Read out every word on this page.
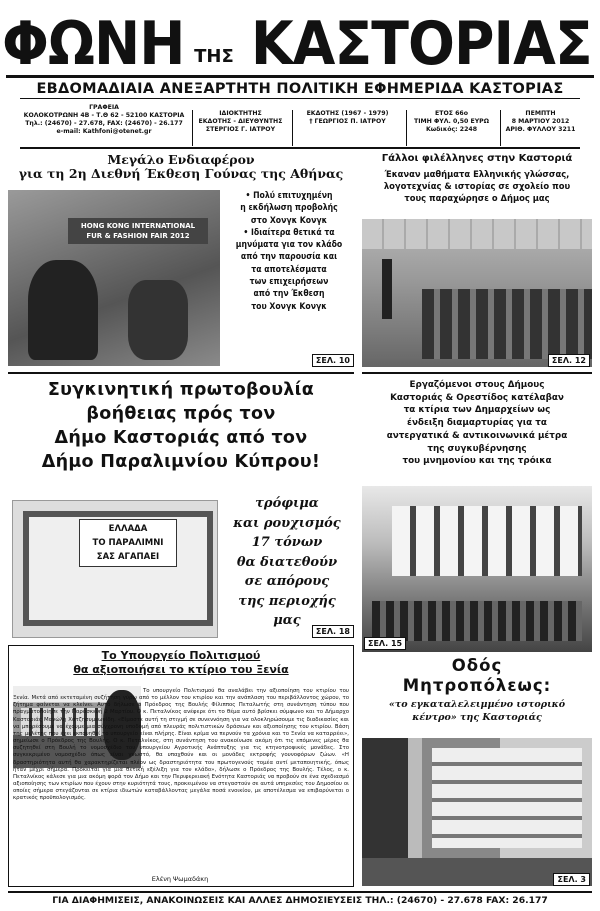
ΦΩΝΗ ΤΗΣ ΚΑΣΤΟΡΙΑΣ
ΕΒΔΟΜΑΔΙΑΙΑ ΑΝΕΞΑΡΤΗΤΗ ΠΟΛΙΤΙΚΗ ΕΦΗΜΕΡΙΔΑ ΚΑΣΤΟΡΙΑΣ
ΓΡΑΦΕΙΑ
ΚΟΛΟΚΟΤΡΩΝΗ 4Β - Τ.Θ 62 - 52100 ΚΑΣΤΟΡΙΑ
Τηλ.: (24670) - 27.678, FAX: (24670) - 26.177
e-mail: Kathfoni@otenet.gr
ΙΔΙΟΚΤΗΤΗΣ
ΕΚΔΟΤΗΣ - ΔΙΕΥΘΥΝΤΗΣ
ΣΤΕΡΓΙΟΣ Γ. ΙΑΤΡΟΥ
ΕΚΔΟΤΗΣ (1967 - 1979)
† ΓΕΩΡΓΙΟΣ Π. ΙΑΤΡΟΥ
ΕΤΟΣ 66ο
ΤΙΜΗ ΦΥΛ. 0,50 ΕΥΡΩ
Κωδικός: 2248
ΠΕΜΠΤΗ
8 ΜΑΡΤΙΟΥ 2012
ΑΡΙΘ. ΦΥΛΛΟΥ 3211
Μεγάλο Ενδιαφέρον
για τη 2η Διεθνή Έκθεση Γούνας της Αθήνας
HONG KONG INTERNATIONAL
FUR & FASHION FAIR 2012
• Πολύ επιτυχημένη
η εκδήλωση προβολής
στο Χονγκ Κονγκ
• Ιδιαίτερα θετικά τα
μηνύματα για τον κλάδο
από την παρουσία και
τα αποτελέσματα
των επιχειρήσεων
από την Έκθεση
του Χονγκ Κονγκ
ΣΕΛ. 10
Γάλλοι φιλέλληνες στην Καστοριά
Έκαναν μαθήματα Ελληνικής γλώσσας,
λογοτεχνίας & ιστορίας σε σχολείο που
τους παραχώρησε ο Δήμος μας
ΣΕΛ. 12
Συγκινητική πρωτοβουλία
βοήθειας πρός τον
Δήμο Καστοριάς από τον
Δήμο Παραλιμνίου Κύπρου!
ΕΛΛΑΔΑ
ΤΟ ΠΑΡΑΛΙΜΝΙ
ΣΑΣ ΑΓΑΠΑΕΙ
τρόφιμα
και ρουχισμός
17 τόνων
θα διατεθούν
σε απόρους
της περιοχής
μας
ΣΕΛ. 18
Εργαζόμενοι στους Δήμους
Καστοριάς & Ορεστίδος κατέλαβαν
τα κτίρια των Δημαρχείων ως
ένδειξη διαμαρτυρίας για τα
αντεργατικά & αντικοινωνικά μέτρα
της συγκυβέρνησης
του μνημονίου και της τρόικα
ΣΕΛ. 15
Το Υπουργείο Πολιτισμού
θα αξιοποιήσει το κτίριο του Ξενία
Το υπουργείο Πολιτισμού θα αναλάβει την αξιοποίηση του κτιρίου του Ξενία. Μετά από εκτεταμένη συζήτηση γύρω από το μέλλον του κτιρίου και την ανάπλαση του περιβάλλοντος χώρου, το ζήτημα φαίνεται να κλείνει. Αυτό δήλωσε ο Πρόεδρος της Βουλής Φίλιππος Πεταλωτής στη συνάντηση τύπου που πραγματοποίησε την Παρασκευή 2 Μαρτίου. Ο κ. Πεταλνίκος ανέφερε ότι το θέμα αυτό βρίσκει σύμφωνο και το Δήμαρχο Καστοριάς Μανώλη Χατζησυμεωνίδη. «Είμαστε αυτή τη στιγμή σε συνεννόηση για να ολοκληρώσουμε τις διαδικασίες και να μπορέσουμε να έχουμε μια σύγχρονη υποδομή από πλευράς πολιτιστικών δράσεων και αξιοποίησης του κτιρίου. Βάση της μελέτης που έχει εκπονηθεί το υπουργείο είναι πλήρης. Είναι κρίμα να περνούν τα χρόνια και το Ξενία να καταρρέει», σημείωσε ο Πρόεδρος της Βουλής. Ο κ. Πεταλνίκος, στη συνάντηση του ανακοίνωσε ακόμη ότι τις επόμενες μέρες θα συζητηθεί στη Βουλή το νομοσχέδιο του υπουργείου Αγροτικής Ανάπτυξης για τις κτηνοτροφικές μονάδες. Στο συγκεκριμένο νομοσχέδιο όπως είναι γνωστό, θα υπαχθούν και οι μονάδες εκτροφής γουνοφόρων ζώων. «Η δραστηριότητα αυτή θα χαρακτηρίζεται πλέον ως δραστηριότητα του πρωτογενούς τομέα αντί μεταποιητικής, όπως ήταν μέχρι σήμερα. Πρόκειται για μια θετική εξέλιξη για τον κλάδο», δήλωσε ο Πρόεδρος της Βουλής. Τέλος, ο κ. Πεταλνίκος κάλεσε για μια ακόμη φορά τον Δήμο και την Περιφερειακή Ενότητα Καστοριάς να προβούν σε ένα σχεδιασμό αξιοποίησης των κτιρίων που έχουν στην κυριότητά τους, προκειμένου να στεγαστούν σε αυτά υπηρεσίες του Δημοσίου οι οποίες σήμερα στεγάζονται σε κτίρια ιδιωτών καταβάλλοντας μεγάλα ποσά ενοικίου, με αποτέλεσμα να επιβαρύνεται ο κρατικός προϋπολογισμός.
Ελένη Ψωμαδάκη
Οδός
Μητροπόλεως:
«το εγκαταλελειμμένο ιστορικό
κέντρο» της Καστοριάς
ΣΕΛ. 3
ΓΙΑ ΔΙΑΦΗΜΙΣΕΙΣ, ΑΝΑΚΟΙΝΩΣΕΙΣ ΚΑΙ ΑΛΛΕΣ ΔΗΜΟΣΙΕΥΣΕΙΣ ΤΗΛ.: (24670) - 27.678 FAX: 26.177
